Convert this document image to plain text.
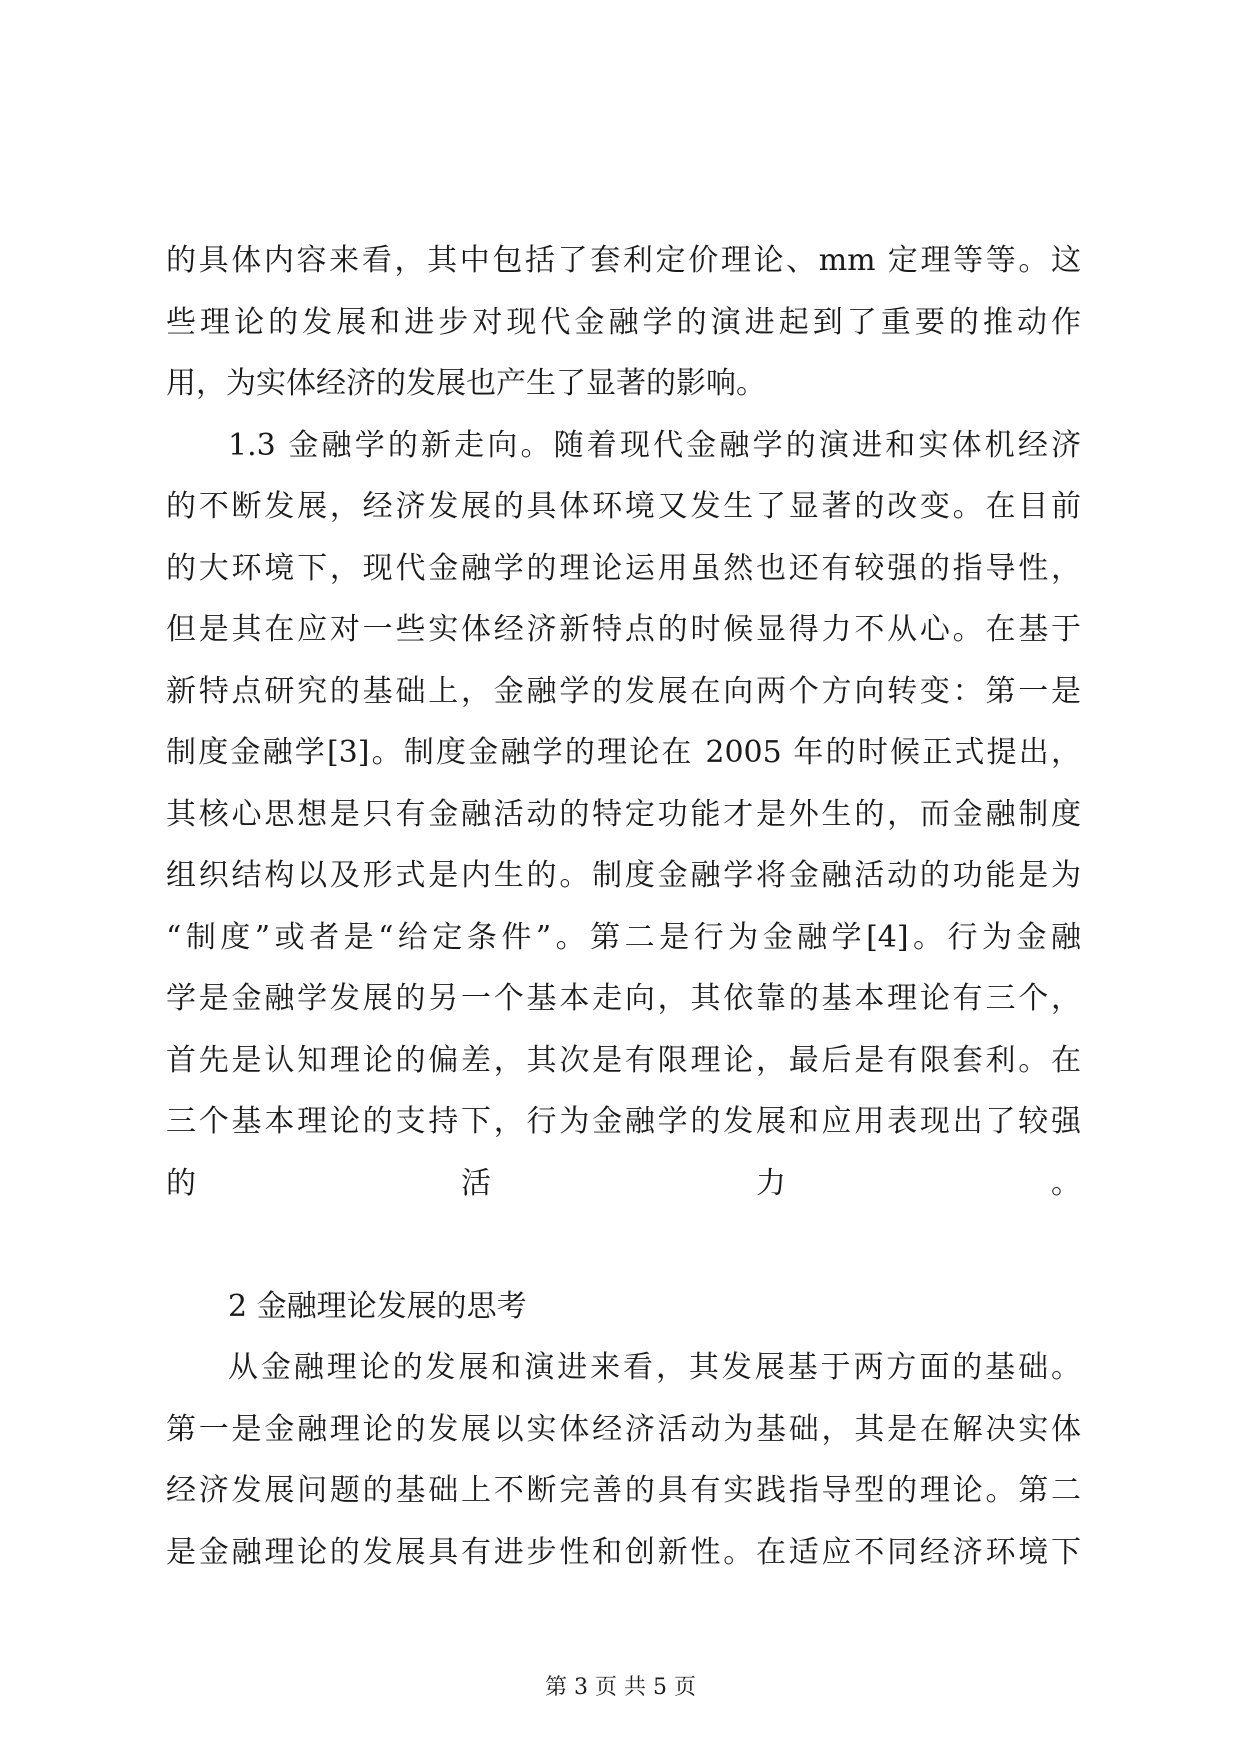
的具体内容来看，其中包括了套利定价理论、mm 定理等等。这
些理论的发展和进步对现代金融学的演进起到了重要的推动作
用，为实体经济的发展也产生了显著的影响。
1.3 金融学的新走向。随着现代金融学的演进和实体机经济
的不断发展，经济发展的具体环境又发生了显著的改变。在目前
的大环境下，现代金融学的理论运用虽然也还有较强的指导性，
但是其在应对一些实体经济新特点的时候显得力不从心。在基于
新特点研究的基础上，金融学的发展在向两个方向转变：第一是
制度金融学[3]。制度金融学的理论在 2005 年的时候正式提出，
其核心思想是只有金融活动的特定功能才是外生的，而金融制度
组织结构以及形式是内生的。制度金融学将金融活动的功能是为
“制度”或者是“给定条件”。第二是行为金融学[4]。行为金融
学是金融学发展的另一个基本走向，其依靠的基本理论有三个，
首先是认知理论的偏差，其次是有限理论，最后是有限套利。在
三个基本理论的支持下，行为金融学的发展和应用表现出了较强
的活力。
2 金融理论发展的思考
从金融理论的发展和演进来看，其发展基于两方面的基础。
第一是金融理论的发展以实体经济活动为基础，其是在解决实体
经济发展问题的基础上不断完善的具有实践指导型的理论。第二
是金融理论的发展具有进步性和创新性。在适应不同经济环境下
第 3 页 共 5 页
